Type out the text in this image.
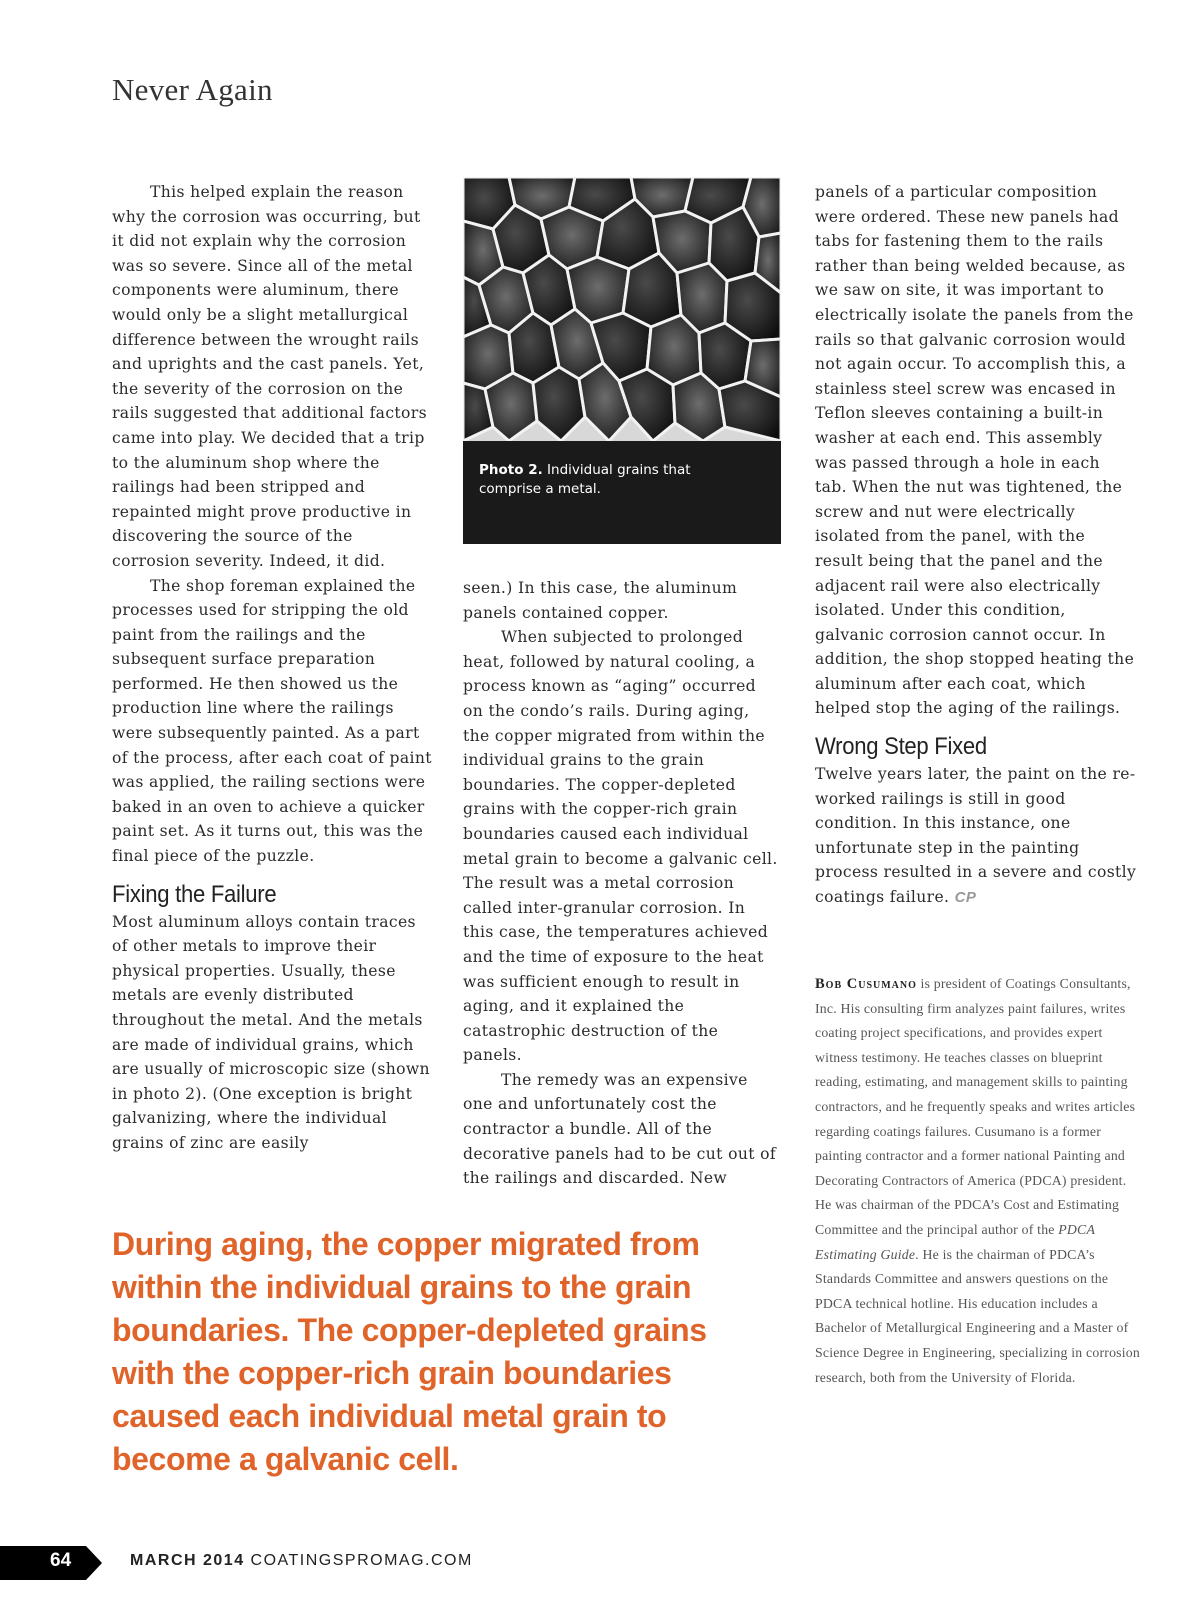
Never Again

This helped explain the reason why the corrosion was occurring, but it did not explain why the corrosion was so severe. Since all of the metal components were aluminum, there would only be a slight metallurgical difference between the wrought rails and uprights and the cast panels. Yet, the severity of the corrosion on the rails suggested that additional factors came into play. We decided that a trip to the aluminum shop where the railings had been stripped and repainted might prove productive in discovering the source of the corrosion severity. Indeed, it did.

The shop foreman explained the processes used for stripping the old paint from the railings and the subsequent surface preparation performed. He then showed us the production line where the railings were subsequently painted. As a part of the process, after each coat of paint was applied, the railing sections were baked in an oven to achieve a quicker paint set. As it turns out, this was the final piece of the puzzle.

Fixing the Failure

Most aluminum alloys contain traces of other metals to improve their physical properties. Usually, these metals are evenly distributed throughout the metal. And the metals are made of individual grains, which are usually of microscopic size (shown in photo 2). (One exception is bright galvanizing, where the individual grains of zinc are easily

Photo 2. Individual grains that comprise a metal.

seen.) In this case, the aluminum panels contained copper.

When subjected to prolonged heat, followed by natural cooling, a process known as “aging” occurred on the condo’s rails. During aging, the copper migrated from within the individual grains to the grain boundaries. The copper-depleted grains with the copper-rich grain boundaries caused each individual metal grain to become a galvanic cell. The result was a metal corrosion called inter-granular corrosion. In this case, the temperatures achieved and the time of exposure to the heat was sufficient enough to result in aging, and it explained the catastrophic destruction of the panels.

The remedy was an expensive one and unfortunately cost the contractor a bundle. All of the decorative panels had to be cut out of the railings and discarded. New

panels of a particular composition were ordered. These new panels had tabs for fastening them to the rails rather than being welded because, as we saw on site, it was important to electrically isolate the panels from the rails so that galvanic corrosion would not again occur. To accomplish this, a stainless steel screw was encased in Teflon sleeves containing a built-in washer at each end. This assembly was passed through a hole in each tab. When the nut was tightened, the screw and nut were electrically isolated from the panel, with the result being that the panel and the adjacent rail were also electrically isolated. Under this condition, galvanic corrosion cannot occur. In addition, the shop stopped heating the aluminum after each coat, which helped stop the aging of the railings.

Wrong Step Fixed

Twelve years later, the paint on the re-worked railings is still in good condition. In this instance, one unfortunate step in the painting process resulted in a severe and costly coatings failure. CP

During aging, the copper migrated from within the individual grains to the grain boundaries. The copper-depleted grains with the copper-rich grain boundaries caused each individual metal grain to become a galvanic cell.
Bob Cusumano is president of Coatings Consultants, Inc. His consulting firm analyzes paint failures, writes coating project specifications, and provides expert witness testimony. He teaches classes on blueprint reading, estimating, and management skills to painting contractors, and he frequently speaks and writes articles regarding coatings failures. Cusumano is a former painting contractor and a former national Painting and Decorating Contractors of America (PDCA) president. He was chairman of the PDCA’s Cost and Estimating Committee and the principal author of the PDCA Estimating Guide. He is the chairman of PDCA’s Standards Committee and answers questions on the PDCA technical hotline. His education includes a Bachelor of Metallurgical Engineering and a Master of Science Degree in Engineering, specializing in corrosion research, both from the University of Florida.
64	MARCH 2014 COATINGSPROMAG.COM
